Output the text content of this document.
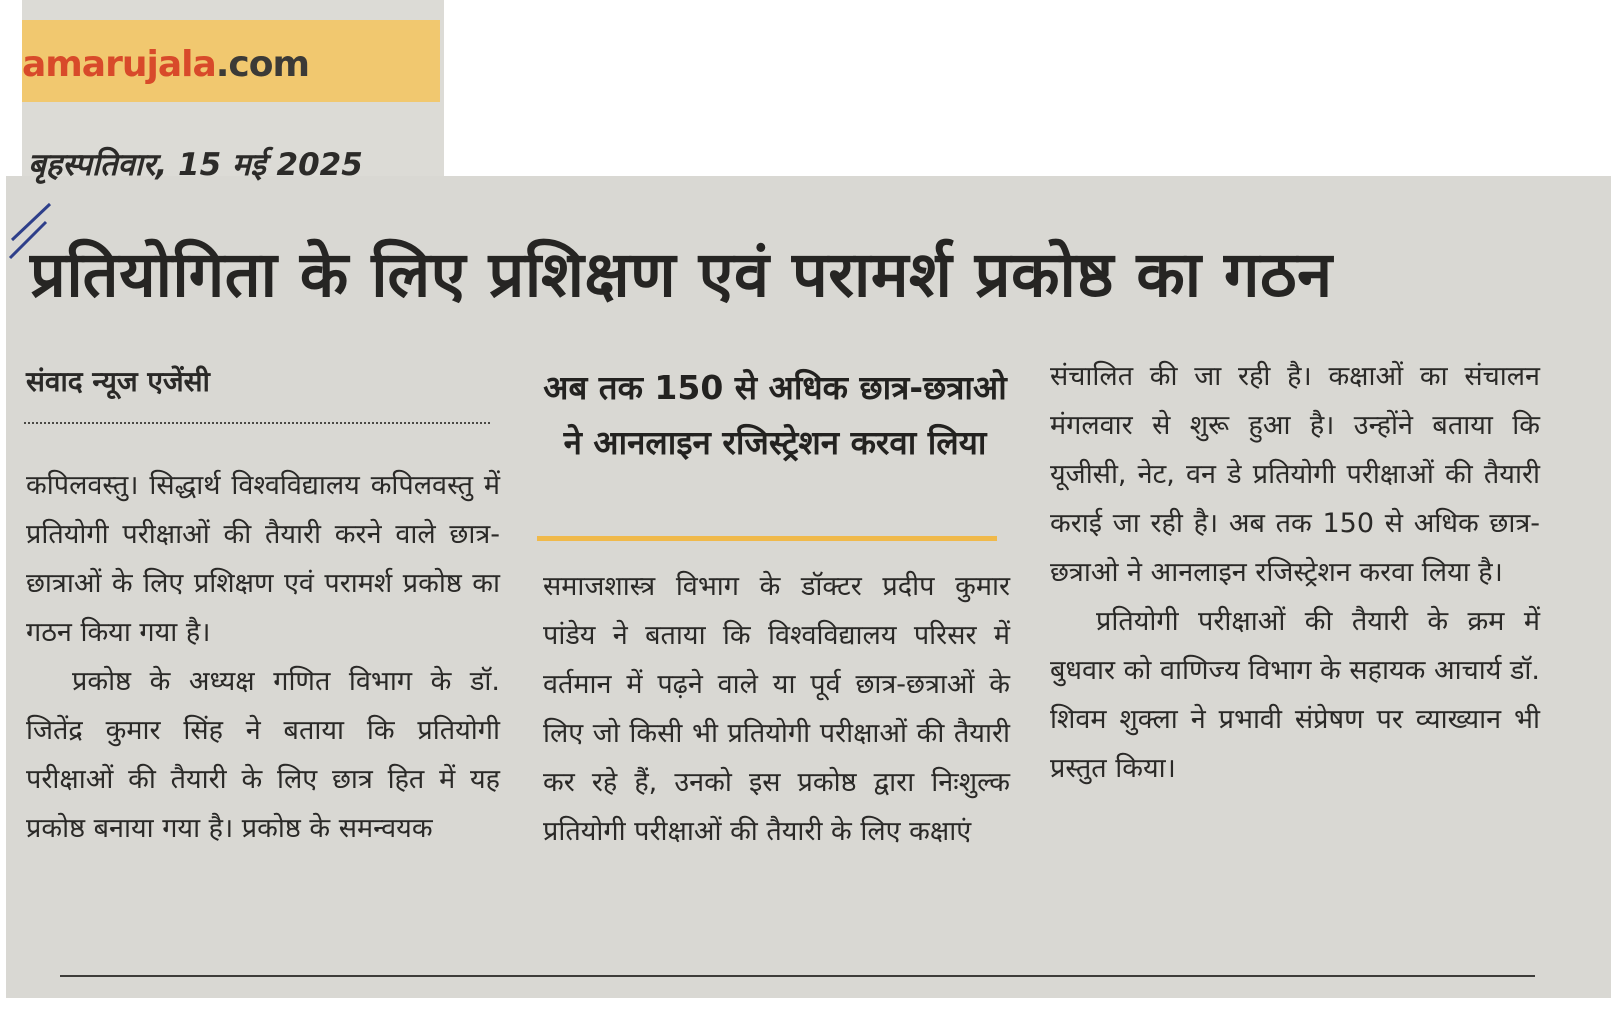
amarujala.com
बृहस्पतिवार, 15 मई 2025
प्रतियोगिता के लिए प्रशिक्षण एवं परामर्श प्रकोष्ठ का गठन
संवाद न्यूज एजेंसी

कपिलवस्तु। सिद्धार्थ विश्वविद्यालय कपिलवस्तु में प्रतियोगी परीक्षाओं की तैयारी करने वाले छात्र-छात्राओं के लिए प्रशिक्षण एवं परामर्श प्रकोष्ठ का गठन किया गया है।

प्रकोष्ठ के अध्यक्ष गणित विभाग के डॉ. जितेंद्र कुमार सिंह ने बताया कि प्रतियोगी परीक्षाओं की तैयारी के लिए छात्र हित में यह प्रकोष्ठ बनाया गया है। प्रकोष्ठ के समन्वयक

अब तक 150 से अधिक छात्र-छत्राओ ने आनलाइन रजिस्ट्रेशन करवा लिया

समाजशास्त्र विभाग के डॉक्टर प्रदीप कुमार पांडेय ने बताया कि विश्वविद्यालय परिसर में वर्तमान में पढ़ने वाले या पूर्व छात्र-छत्राओं के लिए जो किसी भी प्रतियोगी परीक्षाओं की तैयारी कर रहे हैं, उनको इस प्रकोष्ठ द्वारा निःशुल्क प्रतियोगी परीक्षाओं की तैयारी के लिए कक्षाएं

संचालित की जा रही है। कक्षाओं का संचालन मंगलवार से शुरू हुआ है। उन्होंने बताया कि यूजीसी, नेट, वन डे प्रतियोगी परीक्षाओं की तैयारी कराई जा रही है। अब तक 150 से अधिक छात्र-छत्राओ ने आनलाइन रजिस्ट्रेशन करवा लिया है।

प्रतियोगी परीक्षाओं की तैयारी के क्रम में बुधवार को वाणिज्य विभाग के सहायक आचार्य डॉ. शिवम शुक्ला ने प्रभावी संप्रेषण पर व्याख्यान भी प्रस्तुत किया।
